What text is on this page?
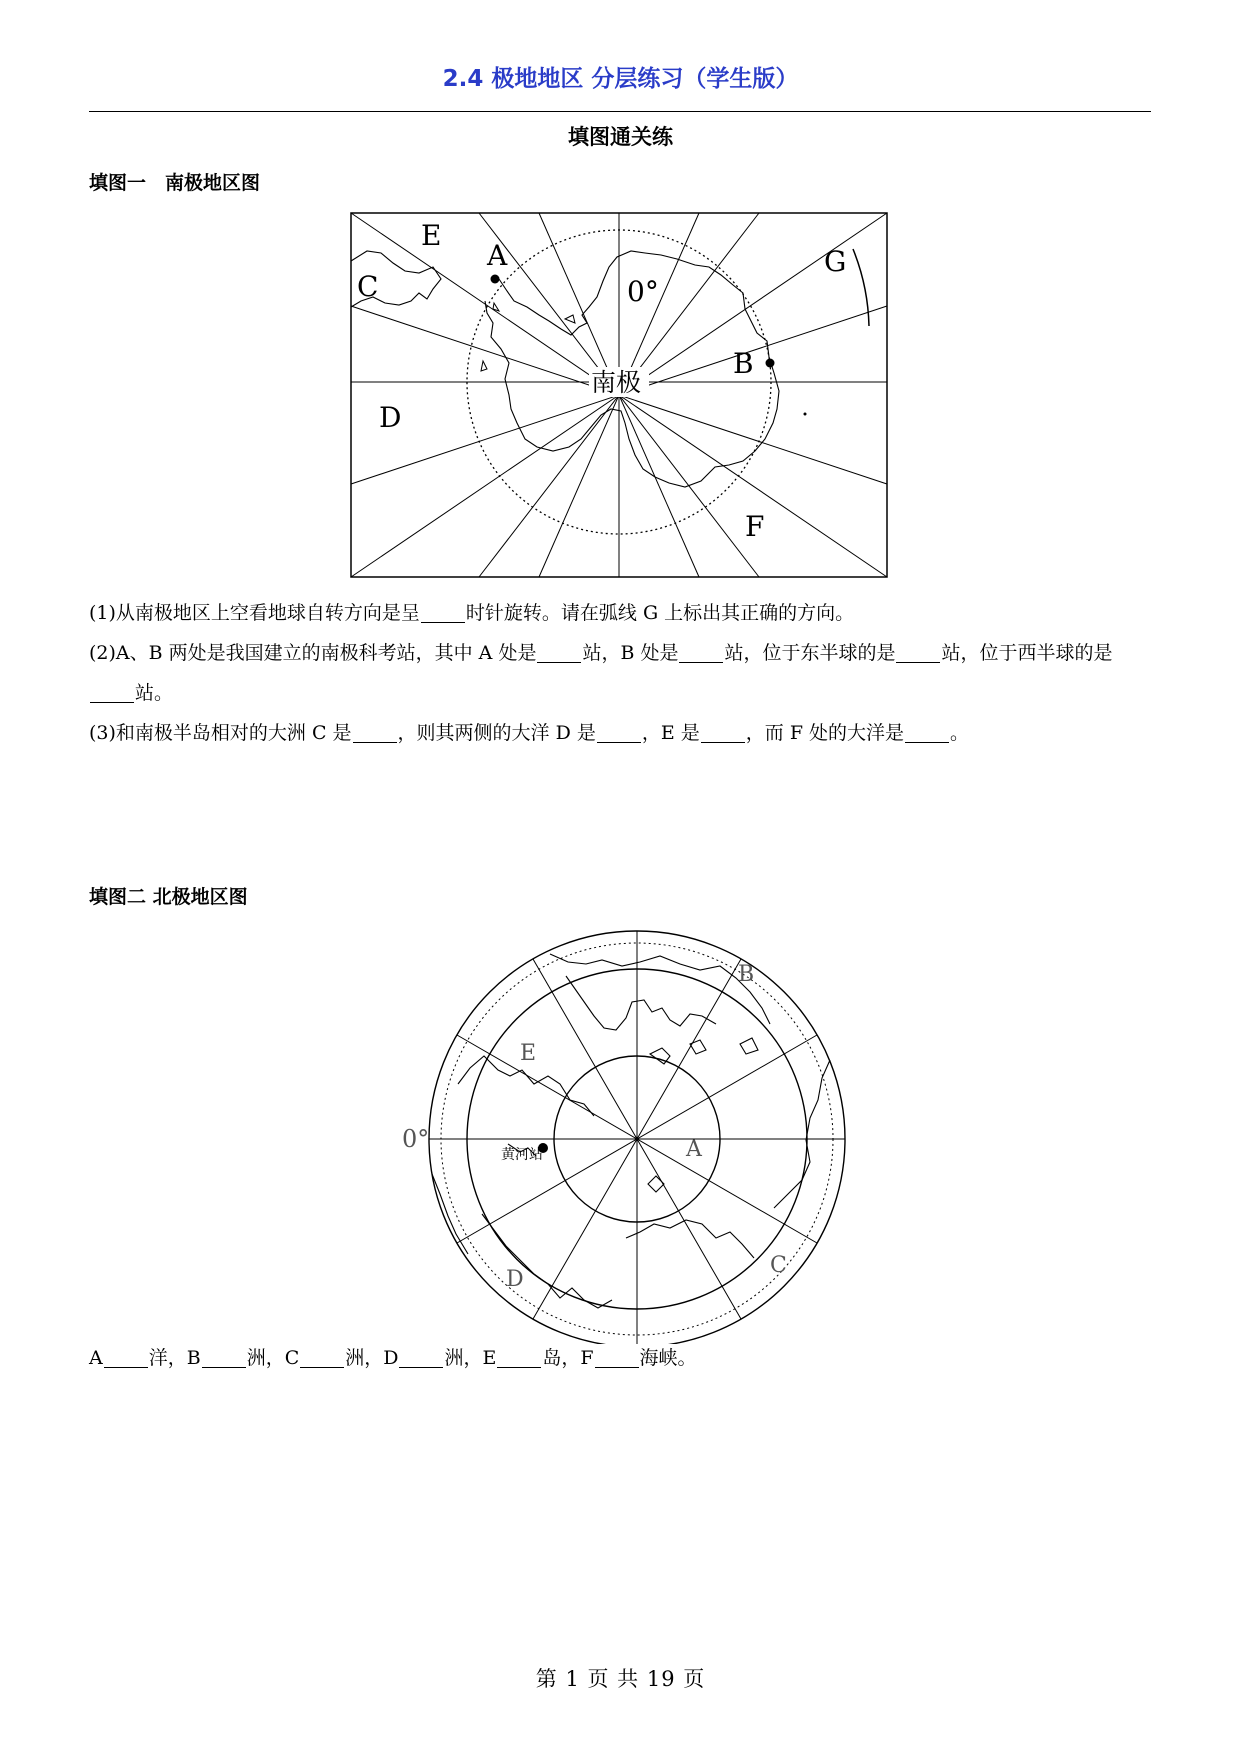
2.4 极地地区 分层练习（学生版）
填图通关练
填图一　南极地区图
E
A
C
G
0°
B
D
F
南极
(1)从南极地区上空看地球自转方向是呈 时针旋转。请在弧线 G 上标出其正确的方向。
(2)A、B 两处是我国建立的南极科考站，其中 A 处是 站，B 处是 站，位于东半球的是 站，位于西半球的是站。
(3)和南极半岛相对的大洲 C 是 ，则其两侧的大洋 D 是 ，E 是 ，而 F 处的大洋是 。
填图二 北极地区图
B
E
0°
黄河站	A
D
C
A 洋，B 洲，C 洲，D 洲，E 岛，F 海峡。
第 1 页 共 19 页
